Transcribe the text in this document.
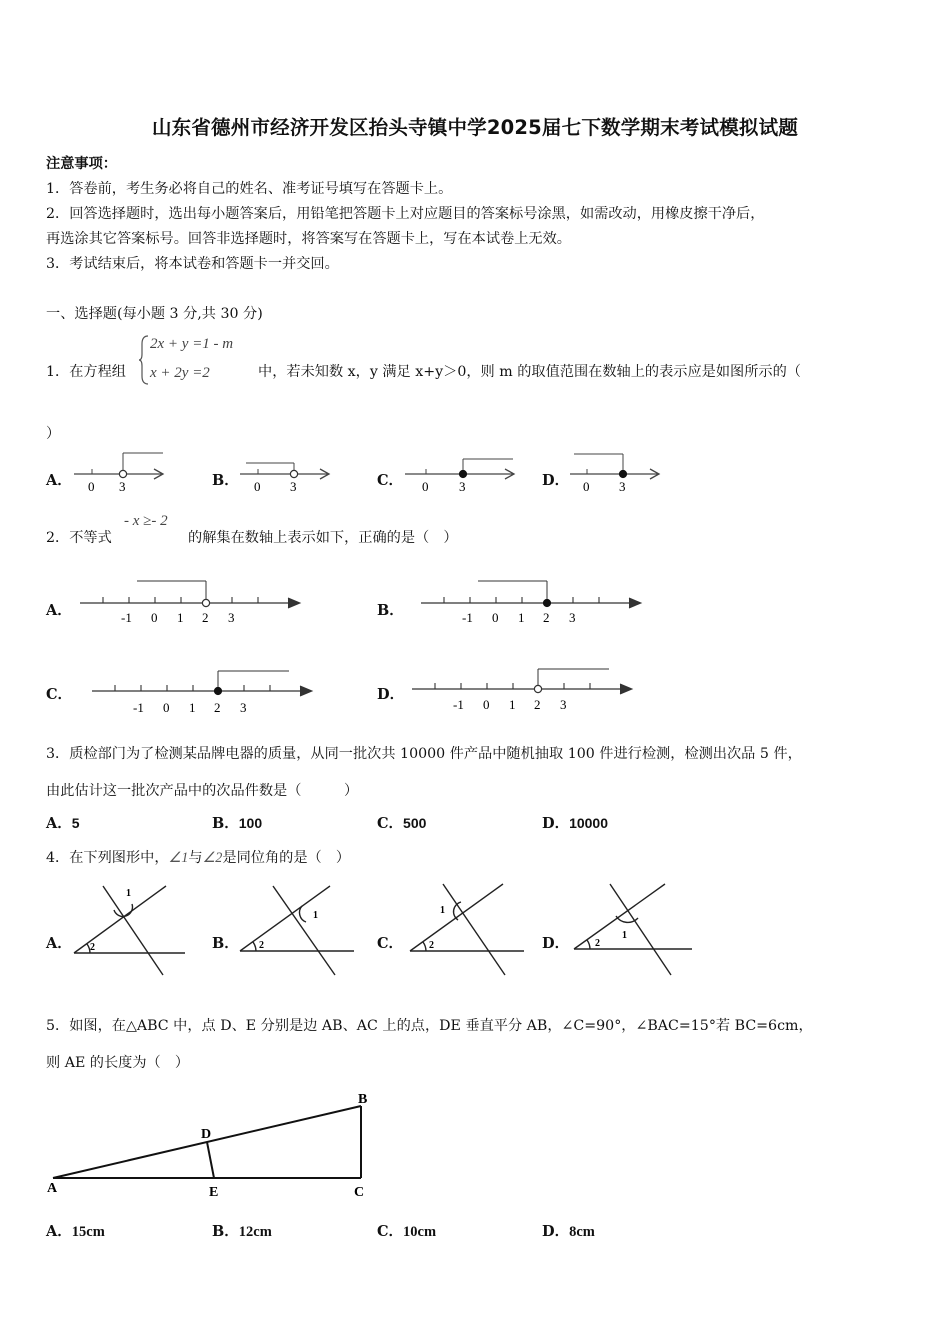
山东省德州市经济开发区抬头寺镇中学2025届七下数学期末考试模拟试题
注意事项：
1．答卷前，考生务必将自己的姓名、准考证号填写在答题卡上。
2．回答选择题时，选出每小题答案后，用铅笔把答题卡上对应题目的答案标号涂黑，如需改动，用橡皮擦干净后，
再选涂其它答案标号。回答非选择题时，将答案写在答题卡上，写在本试卷上无效。
3．考试结束后，将本试卷和答题卡一并交回。
一、选择题(每小题 3 分,共 30 分)
1．在方程组
2x + y =1 - m
x + 2y =2	中，若未知数 x，y 满足 x+y＞0，则 m 的取值范围在数轴上的表示应是如图所示的（
）
A． 0 3	B． 0 3	C． 0 3	D． 0 3
2．不等式
- x ≥- 2
的解集在数轴上表示如下，正确的是（　）
A．	-1 0 1 2 3	B．	-1 0 1 2 3
C．
-1 0 1 2 3
D．
-1 0 1 2 3
3．质检部门为了检测某品牌电器的质量，从同一批次共 10000 件产品中随机抽取 100 件进行检测，检测出次品 5 件，
由此估计这一批次产品中的次品件数是（　　　）
A．5	B．100	C．500	D．10000
4．在下列图形中，∠1与∠2是同位角的是（　）
A．
1
2	B．
1
2	C．
1
2	D．	1
2
5．如图，在△ABC 中，点 D、E 分别是边 AB、AC 上的点，DE 垂直平分 AB，∠C=90°，∠BAC=15°若 BC=6cm，
则 AE 的长度为（　）
A
B
C
D
E
A．15cm	B．12cm	C．10cm	D．8cm
